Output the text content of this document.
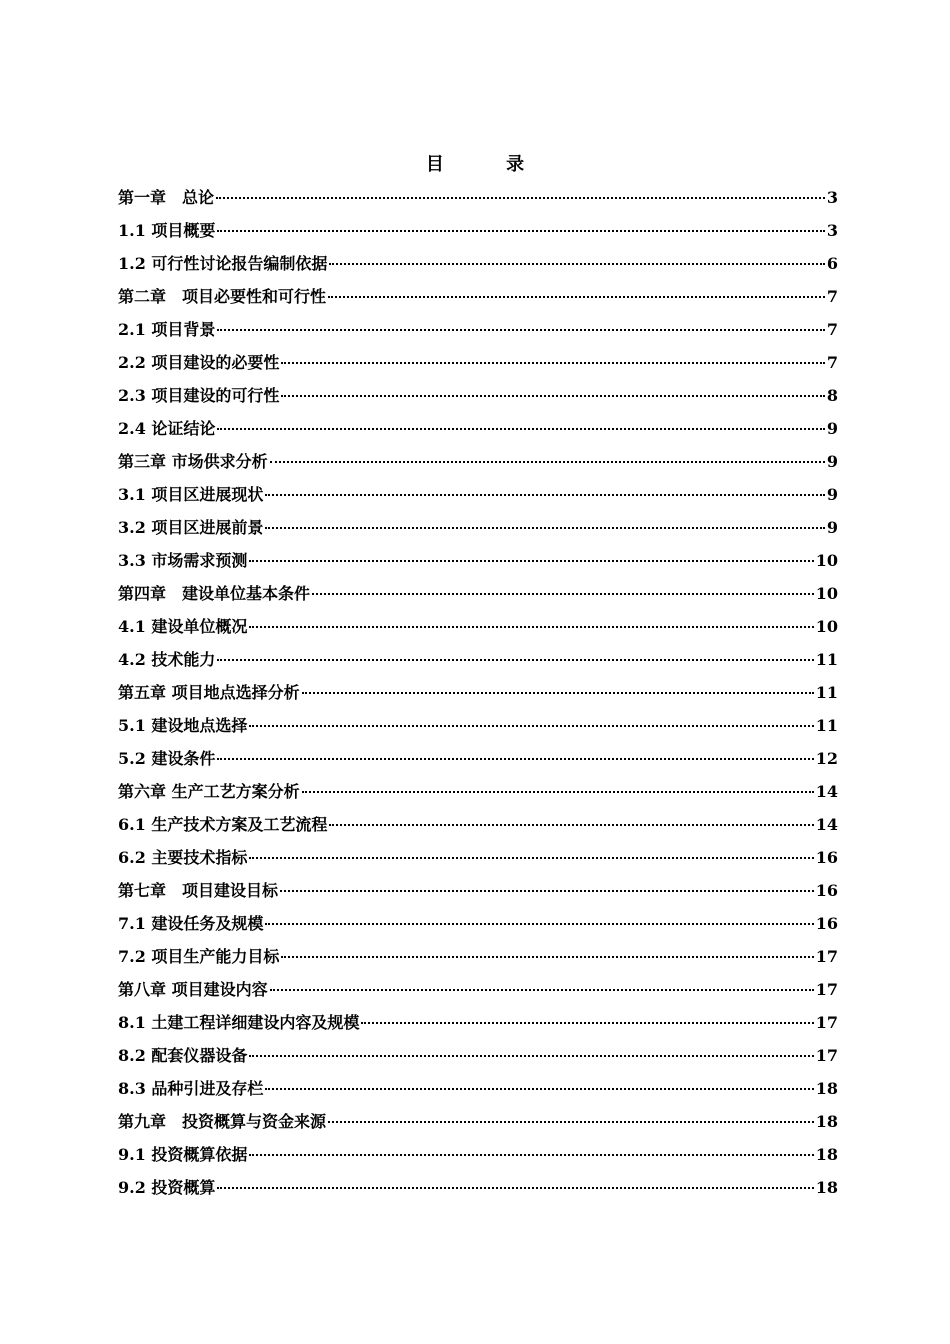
目 录
第一章　总论	3
1.1 项目概要	3
1.2 可行性讨论报告编制依据	6
第二章　项目必要性和可行性	7
2.1 项目背景	7
2.2 项目建设的必要性	7
2.3 项目建设的可行性	8
2.4 论证结论	9
第三章 市场供求分析	9
3.1 项目区进展现状	9
3.2 项目区进展前景	9
3.3 市场需求预测	10
第四章　建设单位基本条件	10
4.1 建设单位概况	10
4.2 技术能力	11
第五章 项目地点选择分析	11
5.1 建设地点选择	11
5.2 建设条件	12
第六章 生产工艺方案分析	14
6.1 生产技术方案及工艺流程	14
6.2 主要技术指标	16
第七章　项目建设目标	16
7.1 建设任务及规模	16
7.2 项目生产能力目标	17
第八章 项目建设内容	17
8.1 土建工程详细建设内容及规模	17
8.2 配套仪器设备	17
8.3 品种引进及存栏	18
第九章　投资概算与资金来源	18
9.1 投资概算依据	18
9.2 投资概算	18
